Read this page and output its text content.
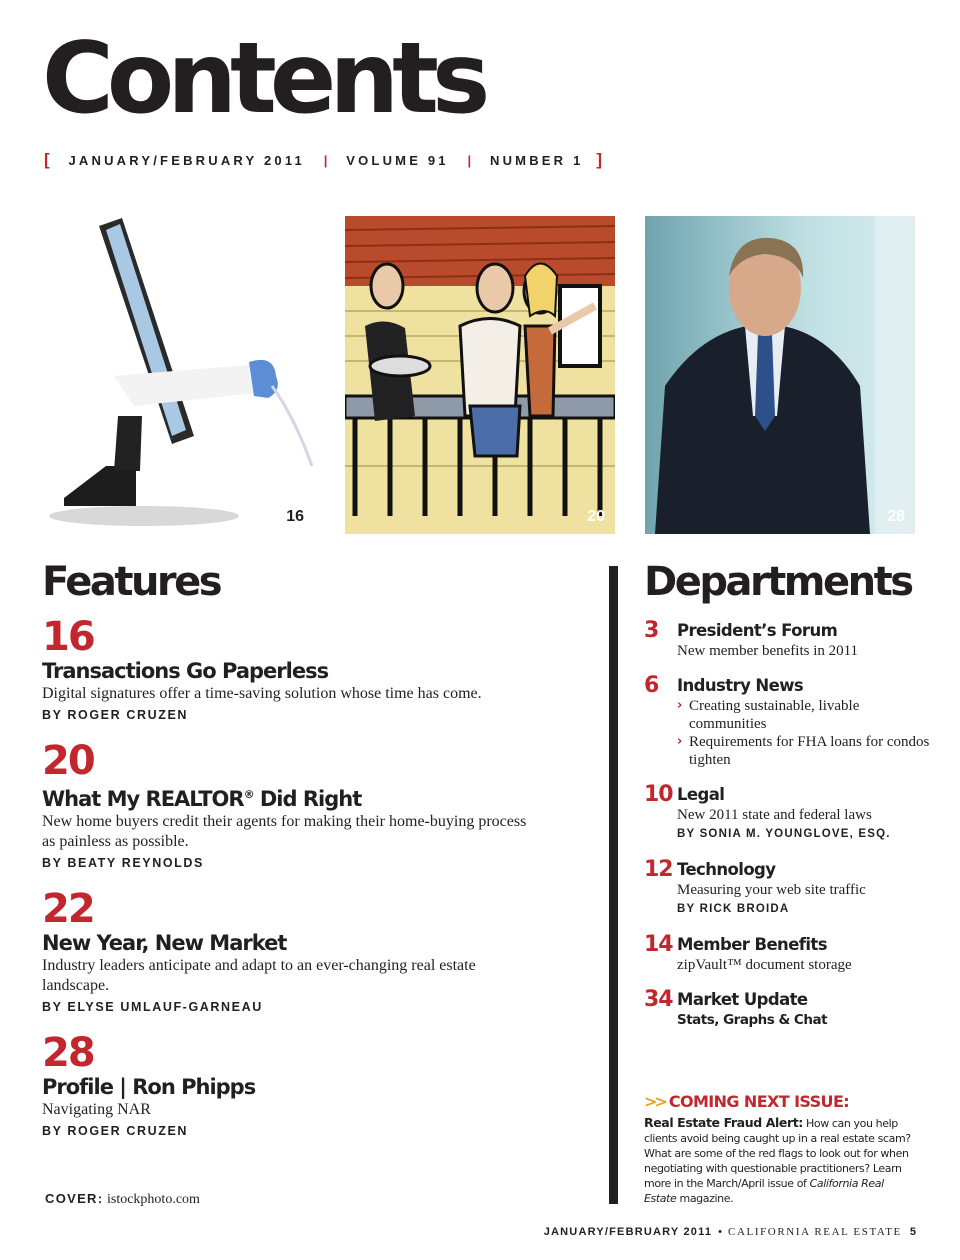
Contents
[ JANUARY/FEBRUARY 2011 | VOLUME 91 | NUMBER 1 ]
16	20	28
Features
16
Transactions Go Paperless
Digital signatures offer a time-saving solution whose time has come.
BY ROGER CRUZEN
20
What My REALTOR® Did Right
New home buyers credit their agents for making their home-buying process as painless as possible.
BY BEATY REYNOLDS
22
New Year, New Market
Industry leaders anticipate and adapt to an ever-changing real estate landscape.
BY ELYSE UMLAUF-GARNEAU
28
Profile | Ron Phipps
Navigating NAR
BY ROGER CRUZEN
COVER: istockphoto.com
Departments
3 President’s Forum
New member benefits in 2011
6 Industry News
› Creating sustainable, livable communities
› Requirements for FHA loans for condos tighten
10 Legal
New 2011 state and federal laws
BY SONIA M. YOUNGLOVE, ESQ.
12 Technology
Measuring your web site traffic
BY RICK BROIDA
14 Member Benefits
zipVault™ document storage
34 Market Update
Stats, Graphs & Chat
>> COMING NEXT ISSUE:
Real Estate Fraud Alert: How can you help clients avoid being caught up in a real estate scam? What are some of the red flags to look out for when negotiating with questionable practitioners? Learn more in the March/April issue of California Real Estate magazine.
JANUARY/FEBRUARY 2011 • CALIFORNIA REAL ESTATE 5
